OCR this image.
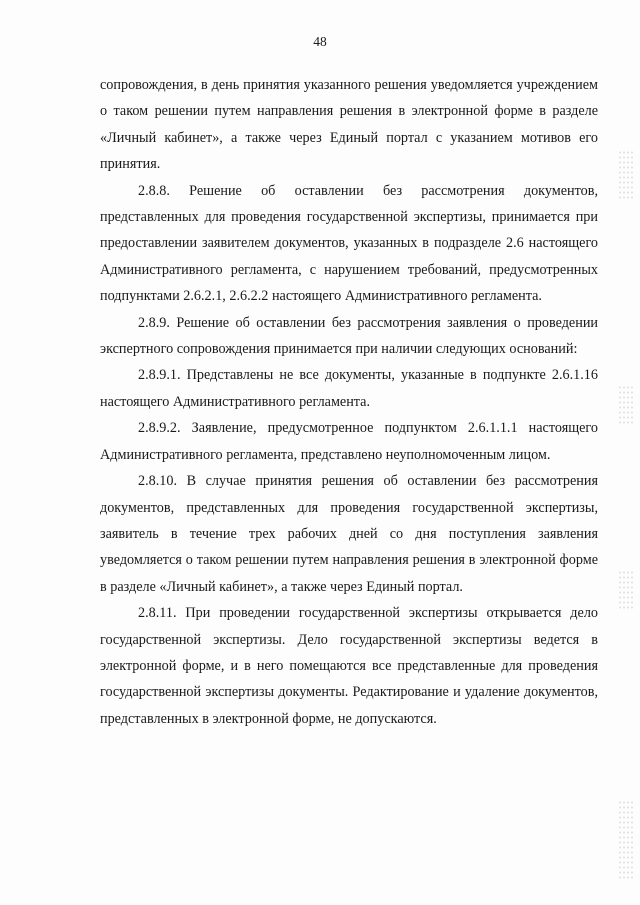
48

сопровождения, в день принятия указанного решения уведомляется учреждением о таком решении путем направления решения в электронной форме в разделе «Личный кабинет», а также через Единый портал с указанием мотивов его принятия.

2.8.8. Решение об оставлении без рассмотрения документов, представленных для проведения государственной экспертизы, принимается при предоставлении заявителем документов, указанных в подразделе 2.6 настоящего Административного регламента, с нарушением требований, предусмотренных подпунктами 2.6.2.1, 2.6.2.2 настоящего Административного регламента.

2.8.9. Решение об оставлении без рассмотрения заявления о проведении экспертного сопровождения принимается при наличии следующих оснований:

2.8.9.1. Представлены не все документы, указанные в подпункте 2.6.1.16 настоящего Административного регламента.

2.8.9.2. Заявление, предусмотренное подпунктом 2.6.1.1.1 настоящего Административного регламента, представлено неуполномоченным лицом.

2.8.10. В случае принятия решения об оставлении без рассмотрения документов, представленных для проведения государственной экспертизы, заявитель в течение трех рабочих дней со дня поступления заявления уведомляется о таком решении путем направления решения в электронной форме в разделе «Личный кабинет», а также через Единый портал.

2.8.11. При проведении государственной экспертизы открывается дело государственной экспертизы. Дело государственной экспертизы ведется в электронной форме, и в него помещаются все представленные для проведения государственной экспертизы документы. Редактирование и удаление документов, представленных в электронной форме, не допускаются.
